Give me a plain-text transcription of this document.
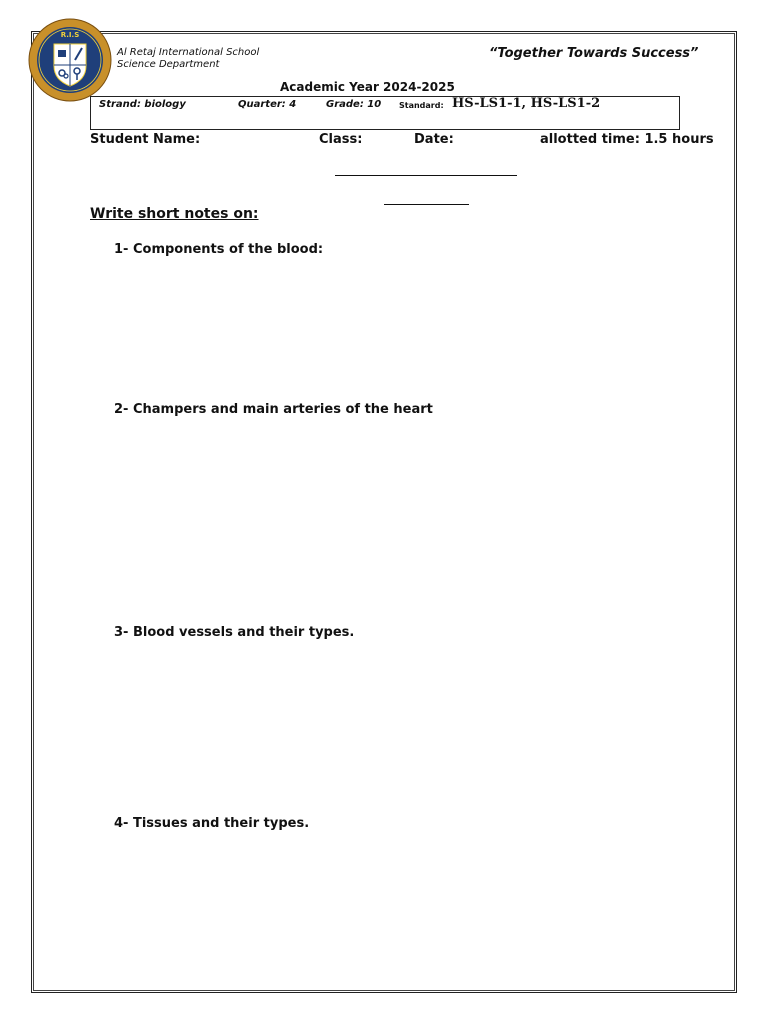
R.I.S
Al Retaj International School
Science Department
“Together Towards Success”
Academic Year 2024-2025
Strand: biology	Quarter: 4	Grade: 10 Standard: HS-LS1-1, HS-LS1-2
Student Name:	Class:	Date:	allotted time: 1.5 hours
Write short notes on:
1- Components of the blood:
2- Champers and main arteries of the heart
3- Blood vessels and their types.
4- Tissues and their types.
